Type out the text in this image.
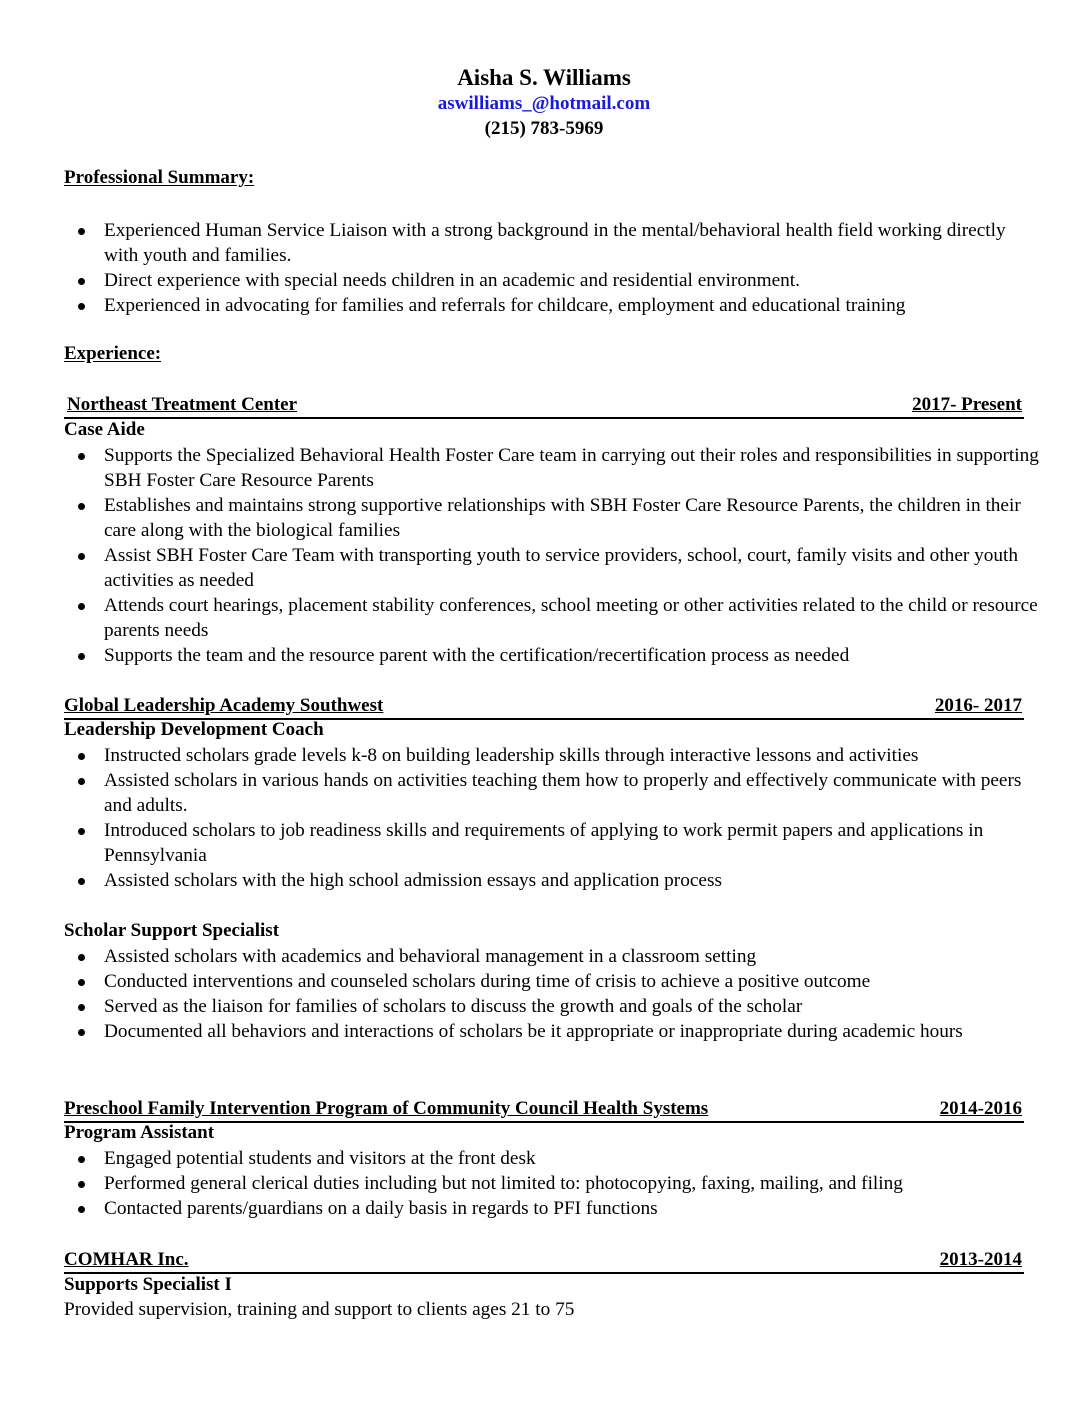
Aisha S. Williams
aswilliams_@hotmail.com
(215) 783-5969
Professional Summary:
Experienced Human Service Liaison with a strong background in the mental/behavioral health field working directly with youth and families.
Direct experience with special needs children in an academic and residential environment.
Experienced in advocating for families and referrals for childcare, employment and educational training
Experience:
Northeast Treatment Center	2017- Present
Case Aide
Supports the Specialized Behavioral Health Foster Care team in carrying out their roles and responsibilities in supporting SBH Foster Care Resource Parents
Establishes and maintains strong supportive relationships with SBH Foster Care Resource Parents, the children in their care along with the biological families
Assist SBH Foster Care Team with transporting youth to service providers, school, court, family visits and other youth activities as needed
Attends court hearings, placement stability conferences, school meeting or other activities related to the child or resource parents needs
Supports the team and the resource parent with the certification/recertification process as needed
Global Leadership Academy Southwest	2016- 2017
Leadership Development Coach
Instructed scholars grade levels k-8 on building leadership skills through interactive lessons and activities
Assisted scholars in various hands on activities teaching them how to properly and effectively communicate with peers and adults.
Introduced scholars to job readiness skills and requirements of applying to work permit papers and applications in Pennsylvania
Assisted scholars with the high school admission essays and application process
Scholar Support Specialist
Assisted scholars with academics and behavioral management in a classroom setting
Conducted interventions and counseled scholars during time of crisis to achieve a positive outcome
Served as the liaison for families of scholars to discuss the growth and goals of the scholar
Documented all behaviors and interactions of scholars be it appropriate or inappropriate during academic hours
Preschool Family Intervention Program of Community Council Health Systems	2014-2016
Program Assistant
Engaged potential students and visitors at the front desk
Performed general clerical duties including but not limited to: photocopying, faxing, mailing, and filing
Contacted parents/guardians on a daily basis in regards to PFI functions
COMHAR Inc.	2013-2014
Supports Specialist I
Provided supervision, training and support to clients ages 21 to 75
